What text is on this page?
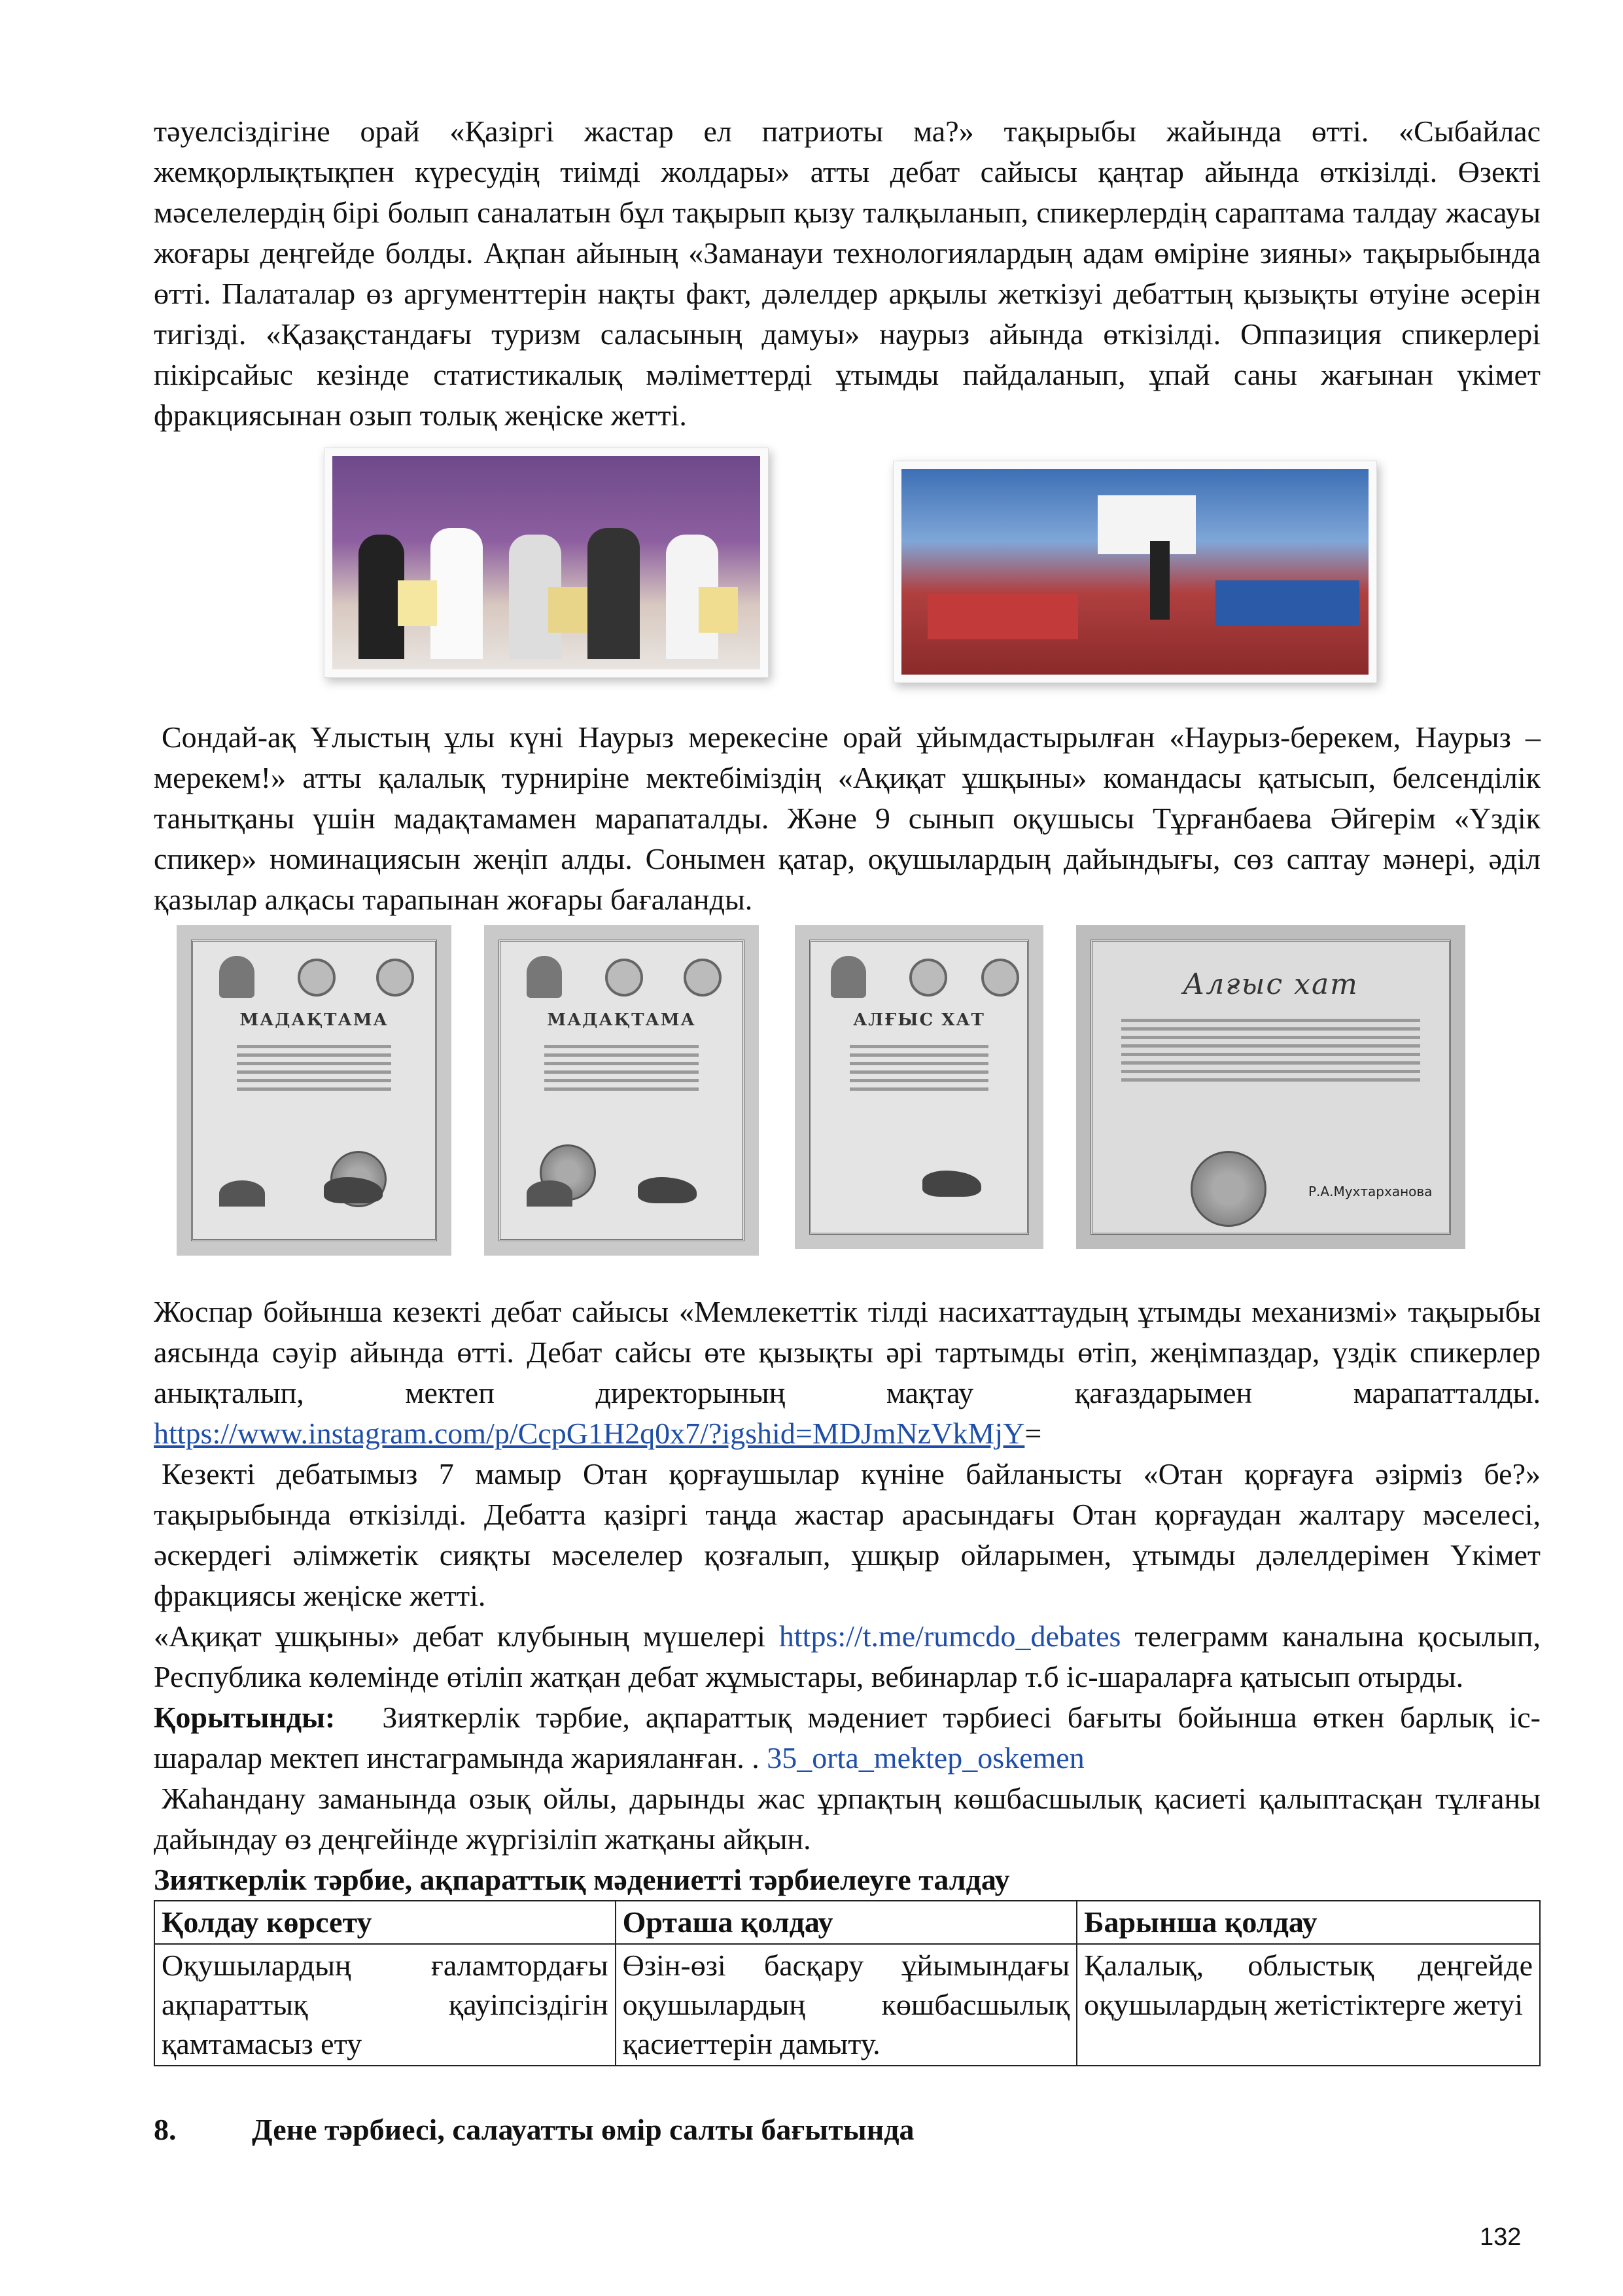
тәуелсіздігіне орай «Қазіргі жастар ел патриоты ма?» тақырыбы жайында өтті. «Сыбайлас жемқорлықтықпен күресудің тиімді жолдары» атты дебат сайысы қаңтар айында өткізілді. Өзекті мәселелердің бірі болып саналатын бұл тақырып қызу талқыланып, спикерлердің сараптама талдау жасауы жоғары деңгейде болды. Ақпан айының «Заманауи технологиялардың адам өміріне зияны» тақырыбында өтті. Палаталар өз аргументтерін нақты факт, дәлелдер арқылы жеткізуі дебаттың қызықты өтуіне әсерін тигізді. «Қазақстандағы туризм саласының дамуы» наурыз айында өткізілді. Оппазиция спикерлері пікірсайыс кезінде статистикалық мәліметтерді ұтымды пайдаланып, ұпай саны жағынан үкімет фракциясынан озып толық жеңіске жетті.

Сондай-ақ Ұлыстың ұлы күні Наурыз мерекесіне орай ұйымдастырылған «Наурыз-берекем, Наурыз –мерекем!» атты қалалық турниріне мектебіміздің «Ақиқат ұшқыны» командасы қатысып, белсенділік танытқаны үшін мадақтамамен марапаталды. Және 9 сынып оқушысы Тұрғанбаева Әйгерім «Үздік спикер» номинациясын жеңіп алды. Сонымен қатар, оқушылардың дайындығы, сөз саптау мәнері, әділ қазылар алқасы тарапынан жоғары бағаланды.

МАДАҚТАМА	МАДАҚТАМА	АЛҒЫС ХАТ
Алғыс хат
Р.А.Мухтарханова

Жоспар бойынша кезекті дебат сайысы «Мемлекеттік тілді насихаттаудың ұтымды механизмі» тақырыбы аясында сәуір айында өтті. Дебат сайсы өте қызықты әрі тартымды өтіп, жеңімпаздар, үздік спикерлер анықталып, мектеп директорының мақтау қағаздарымен марапатталды. https://www.instagram.com/p/CcpG1H2q0x7/?igshid=MDJmNzVkMjY=

Кезекті дебатымыз 7 мамыр Отан қорғаушылар күніне байланысты «Отан қорғауға әзірміз бе?» тақырыбында өткізілді. Дебатта қазіргі таңда жастар арасындағы Отан қорғаудан жалтару мәселесі, әскердегі әлімжетік сияқты мәселелер қозғалып, ұшқыр ойларымен, ұтымды дәлелдерімен Үкімет фракциясы жеңіске жетті.

«Ақиқат ұшқыны» дебат клубының мүшелері https://t.me/rumcdo_debates телеграмм каналына қосылып, Республика көлемінде өтіліп жатқан дебат жұмыстары, вебинарлар т.б іс-шараларға қатысып отырды.

Қорытынды: Зияткерлік тәрбие, ақпараттық мәдениет тәрбиесі бағыты бойынша өткен барлық іс- шаралар мектеп инстаграмында жарияланған. . 35_orta_mektep_oskemen

Жаһандану заманында озық ойлы, дарынды жас ұрпақтың көшбасшылық қасиеті қалыптасқан тұлғаны дайындау өз деңгейінде жүргізіліп жатқаны айқын.

Зияткерлік тәрбие, ақпараттық мәдениетті тәрбиелеуге талдау
Қолдау көрсету	Орташа қолдау	Барынша қолдау
Оқушылардың ғаламтордағы ақпараттық қауіпсіздігін қамтамасыз ету	Өзін-өзі басқару ұйымындағы оқушылардың көшбасшылық қасиеттерін дамыту.	Қалалық, облыстық деңгейде оқушылардың жетістіктерге жетуі
8.	Дене тәрбиесі, салауатты өмір салты бағытында
132
